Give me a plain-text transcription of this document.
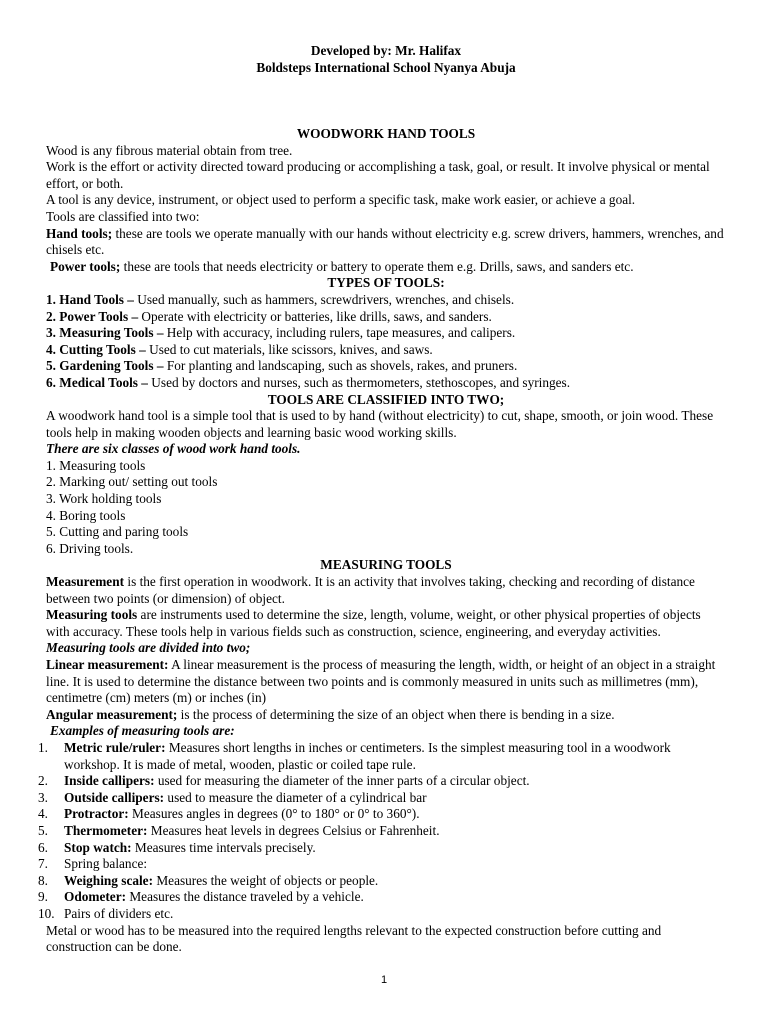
Developed by: Mr. Halifax

Boldsteps International School Nyanya Abuja

WOODWORK HAND TOOLS

Wood is any fibrous material obtain from tree.

Work is the effort or activity directed toward producing or accomplishing a task, goal, or result. It involve physical or mental effort, or both.

A tool is any device, instrument, or object used to perform a specific task, make work easier, or achieve a goal.

Tools are classified into two:

Hand tools; these are tools we operate manually with our hands without electricity e.g. screw drivers, hammers, wrenches, and chisels etc.

Power tools; these are tools that needs electricity or battery to operate them e.g. Drills, saws, and sanders etc.

TYPES OF TOOLS:

1. Hand Tools – Used manually, such as hammers, screwdrivers, wrenches, and chisels.

2. Power Tools – Operate with electricity or batteries, like drills, saws, and sanders.

3. Measuring Tools – Help with accuracy, including rulers, tape measures, and calipers.

4. Cutting Tools – Used to cut materials, like scissors, knives, and saws.

5. Gardening Tools – For planting and landscaping, such as shovels, rakes, and pruners.

6. Medical Tools – Used by doctors and nurses, such as thermometers, stethoscopes, and syringes.

TOOLS ARE CLASSIFIED INTO TWO;

A woodwork hand tool is a simple tool that is used to by hand (without electricity) to cut, shape, smooth, or join wood. These tools help in making wooden objects and learning basic wood working skills.

There are six classes of wood work hand tools.

1. Measuring tools

2. Marking out/ setting out tools

3. Work holding tools

4. Boring tools

5. Cutting and paring tools

6. Driving tools.

MEASURING TOOLS

Measurement is the first operation in woodwork. It is an activity that involves taking, checking and recording of distance between two points (or dimension) of object.

Measuring tools are instruments used to determine the size, length, volume, weight, or other physical properties of objects with accuracy. These tools help in various fields such as construction, science, engineering, and everyday activities.

Measuring tools are divided into two;

Linear measurement: A linear measurement is the process of measuring the length, width, or height of an object in a straight line. It is used to determine the distance between two points and is commonly measured in units such as millimetres (mm), centimetre (cm) meters (m) or inches (in)

Angular measurement; is the process of determining the size of an object when there is bending in a size.

Examples of measuring tools are:

1.	Metric rule/ruler: Measures short lengths in inches or centimeters. Is the simplest measuring tool in a woodwork workshop. It is made of metal, wooden, plastic or coiled tape rule.
2.	Inside callipers: used for measuring the diameter of the inner parts of a circular object.
3.	Outside callipers: used to measure the diameter of a cylindrical bar
4.	Protractor: Measures angles in degrees (0° to 180° or 0° to 360°).
5.	Thermometer: Measures heat levels in degrees Celsius or Fahrenheit.
6.	Stop watch: Measures time intervals precisely.
7.	Spring balance:
8.	Weighing scale: Measures the weight of objects or people.
9.	Odometer: Measures the distance traveled by a vehicle.
10. Pairs of dividers etc.

Metal or wood has to be measured into the required lengths relevant to the expected construction before cutting and construction can be done.

1
